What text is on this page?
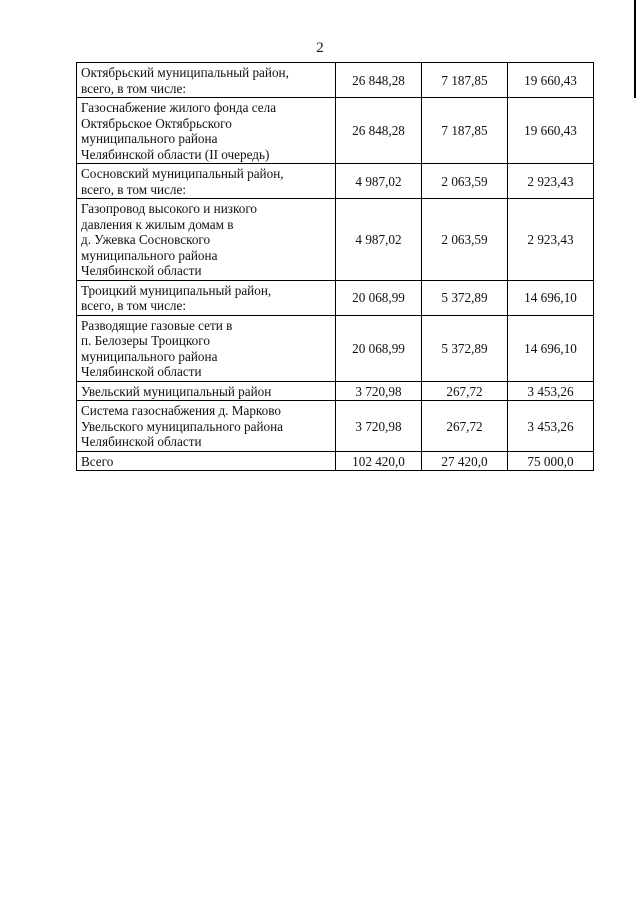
2
Октябрьский муниципальный район,
всего, в том числе:	26 848,28	7 187,85	19 660,43
Газоснабжение жилого фонда села
Октябрьское Октябрьского
муниципального района
Челябинской области (II очередь)	26 848,28	7 187,85	19 660,43
Сосновский муниципальный район,
всего, в том числе:	4 987,02	2 063,59	2 923,43
Газопровод высокого и низкого
давления к жилым домам в
д. Ужевка Сосновского
муниципального района
Челябинской области	4 987,02	2 063,59	2 923,43
Троицкий муниципальный район,
всего, в том числе:	20 068,99	5 372,89	14 696,10
Разводящие газовые сети в
п. Белозеры Троицкого
муниципального района
Челябинской области	20 068,99	5 372,89	14 696,10
Увельский муниципальный район	3 720,98	267,72	3 453,26
Система газоснабжения д. Марково
Увельского муниципального района
Челябинской области	3 720,98	267,72	3 453,26
Всего	102 420,0	27 420,0	75 000,0
